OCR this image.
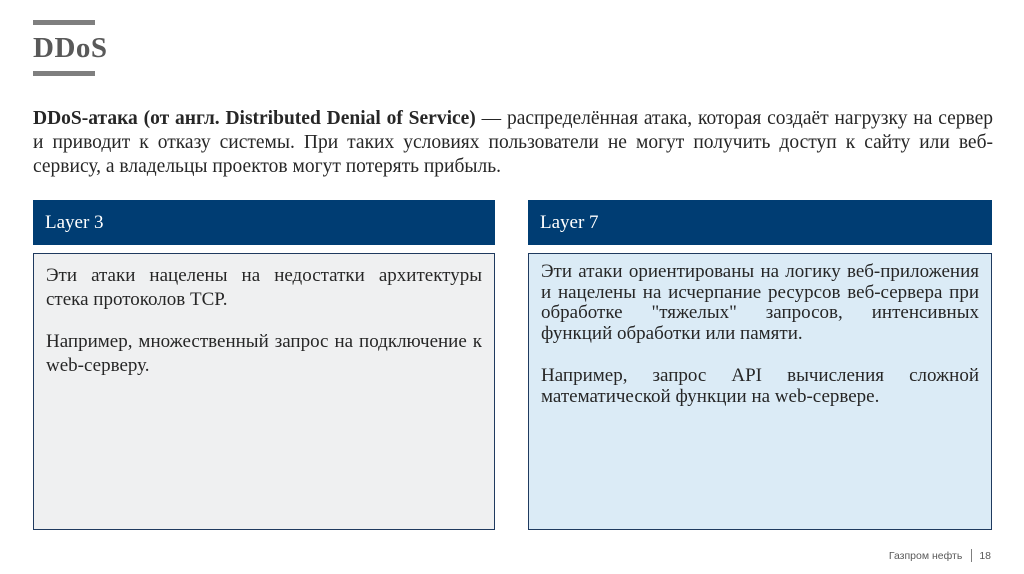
DDoS
DDoS-атака (от англ. Distributed Denial of Service) — распределённая атака, которая создаёт нагрузку на сервер и приводит к отказу системы. При таких условиях пользователи не могут получить доступ к сайту или веб-сервису, а владельцы проектов могут потерять прибыль.
Layer 3

Эти атаки нацелены на недостатки архитектуры стека протоколов TCP.

Например, множественный запрос на подключение к web-серверу.

Layer 7

Эти атаки ориентированы на логику веб-приложения и нацелены на исчерпание ресурсов веб-сервера при обработке "тяжелых" запросов, интенсивных функций обработки или памяти.

Например, запрос API вычисления сложной математической функции на web-сервере.

Газпром нефть 18
